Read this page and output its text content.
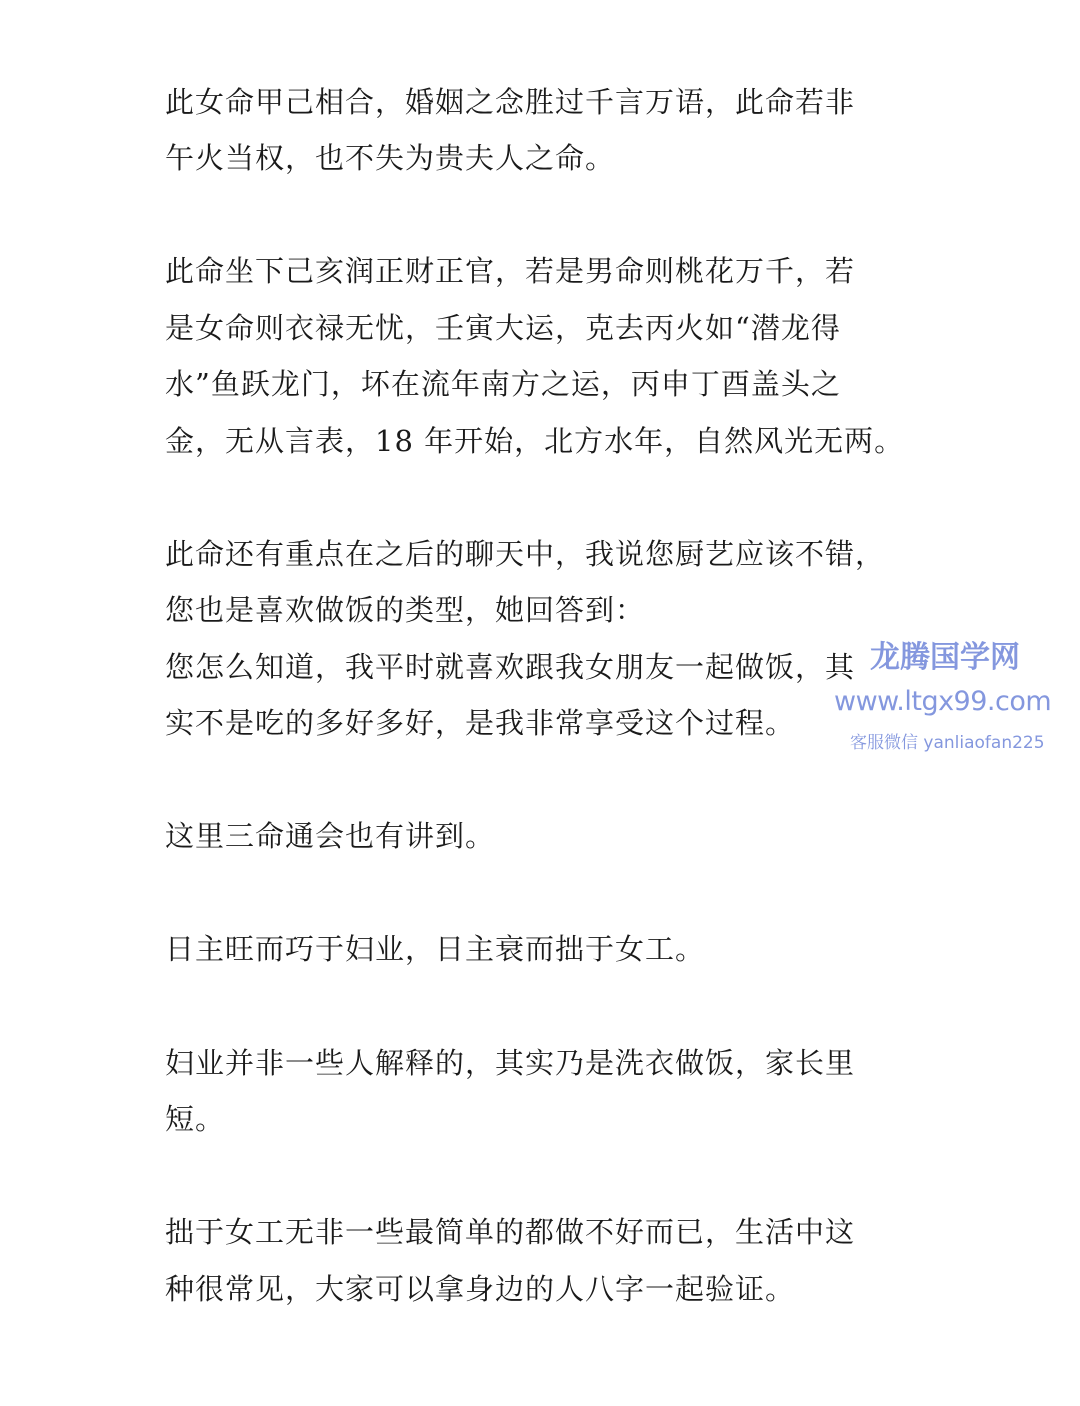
此女命甲己相合，婚姻之念胜过千言万语，此命若非

午火当权，也不失为贵夫人之命。

此命坐下己亥润正财正官，若是男命则桃花万千，若

是女命则衣禄无忧，壬寅大运，克去丙火如“潜龙得

水”鱼跃龙门，坏在流年南方之运，丙申丁酉盖头之

金，无从言表，18 年开始，北方水年，自然风光无两。

此命还有重点在之后的聊天中，我说您厨艺应该不错，

您也是喜欢做饭的类型，她回答到：

您怎么知道，我平时就喜欢跟我女朋友一起做饭，其

实不是吃的多好多好，是我非常享受这个过程。

这里三命通会也有讲到。

日主旺而巧于妇业，日主衰而拙于女工。

妇业并非一些人解释的，其实乃是洗衣做饭，家长里

短。

拙于女工无非一些最简单的都做不好而已，生活中这

种很常见，大家可以拿身边的人八字一起验证。

龙腾国学网
www.ltgx99.com
客服微信 yanliaofan225
